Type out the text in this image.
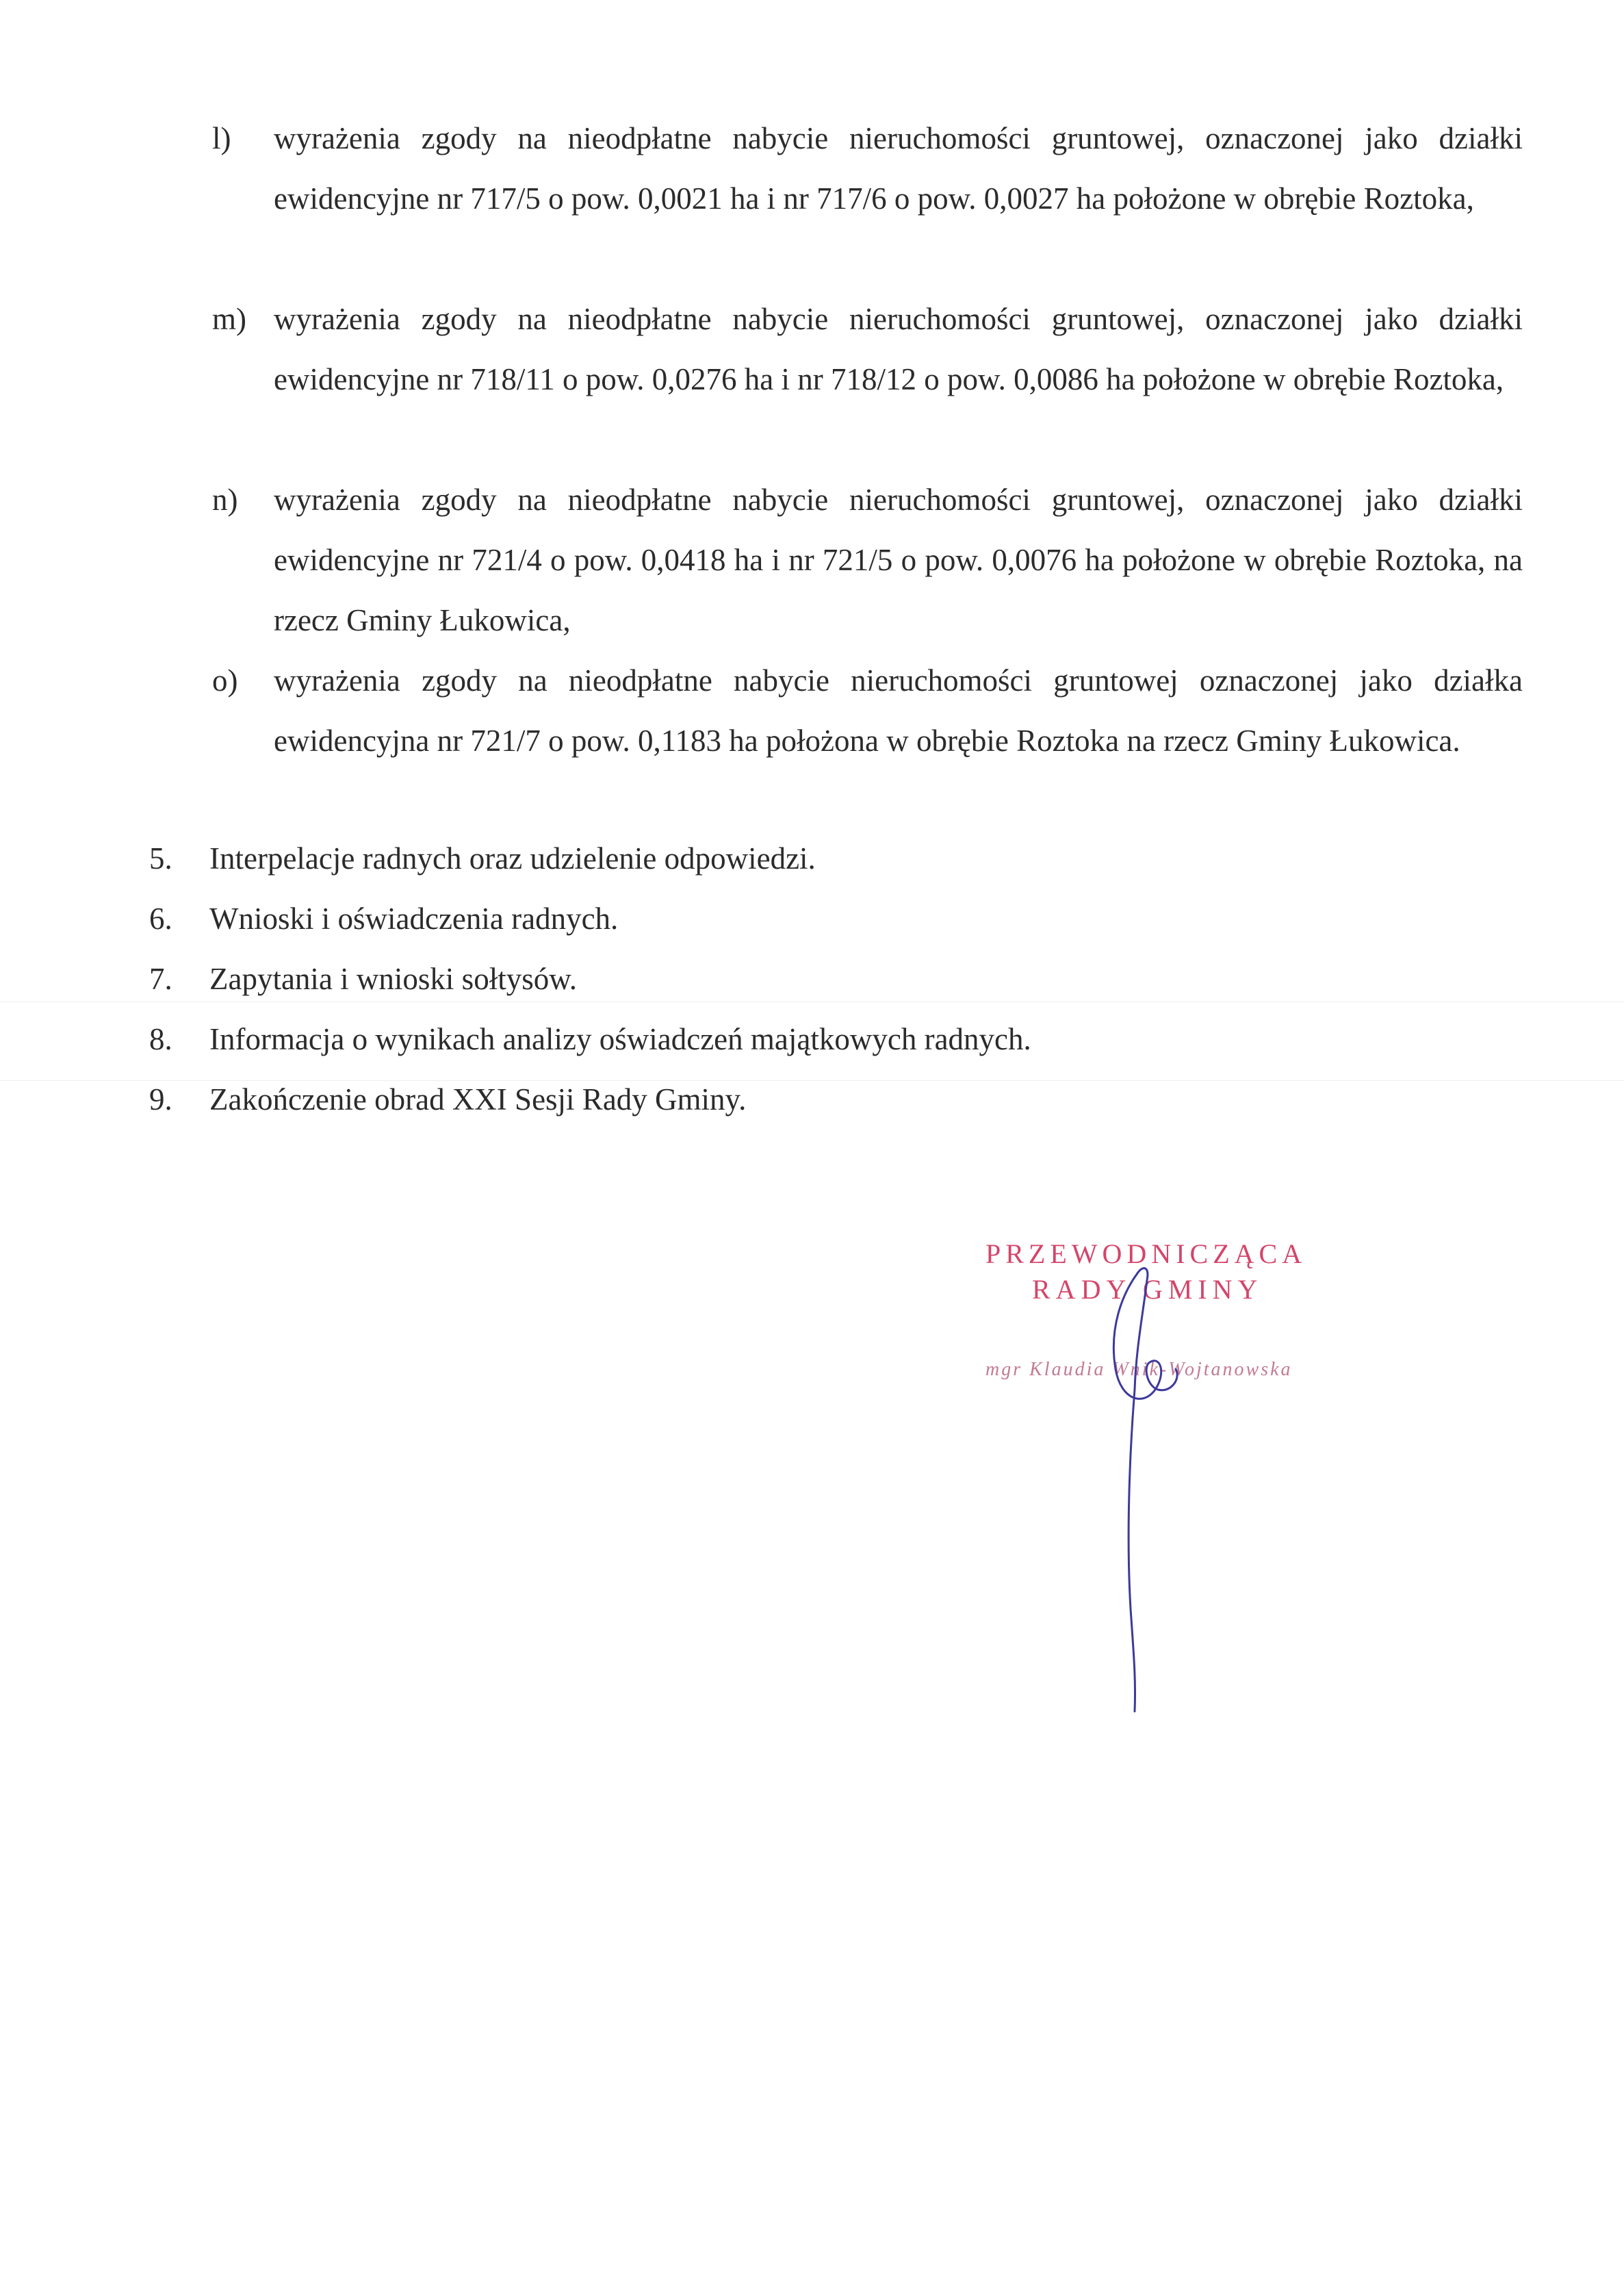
l) wyrażenia zgody na nieodpłatne nabycie nieruchomości gruntowej, oznaczonej jako działki ewidencyjne nr 717/5 o pow. 0,0021 ha i nr 717/6 o pow. 0,0027 ha położone w obrębie Roztoka,
m) wyrażenia zgody na nieodpłatne nabycie nieruchomości gruntowej, oznaczonej jako działki ewidencyjne nr 718/11 o pow. 0,0276 ha i nr 718/12 o pow. 0,0086 ha położone w obrębie Roztoka,
n) wyrażenia zgody na nieodpłatne nabycie nieruchomości gruntowej, oznaczonej jako działki ewidencyjne nr 721/4 o pow. 0,0418 ha i nr 721/5 o pow. 0,0076 ha położone w obrębie Roztoka, na rzecz Gminy Łukowica,
o) wyrażenia zgody na nieodpłatne nabycie nieruchomości gruntowej oznaczonej jako działka ewidencyjna nr 721/7 o pow. 0,1183 ha położona w obrębie Roztoka na rzecz Gminy Łukowica.
5. Interpelacje radnych oraz udzielenie odpowiedzi.
6. Wnioski i oświadczenia radnych.
7. Zapytania i wnioski sołtysów.
8. Informacja o wynikach analizy oświadczeń majątkowych radnych.
9. Zakończenie obrad XXI Sesji Rady Gminy.
PRZEWODNICZĄCA
RADY GMINY
mgr Klaudia Wnik-Wojtanowska
